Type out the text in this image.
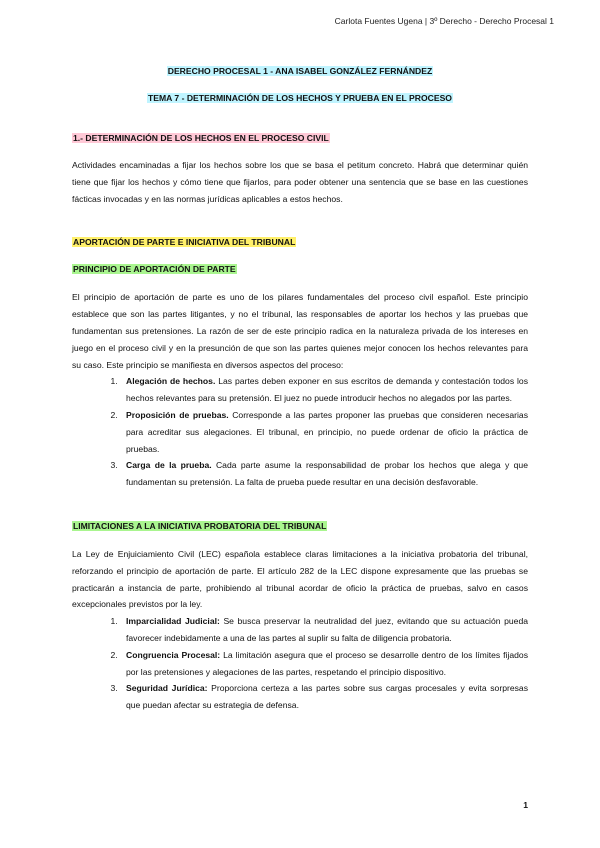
Carlota Fuentes Ugena | 3º Derecho - Derecho Procesal 1

DERECHO PROCESAL 1 - ANA ISABEL GONZÁLEZ FERNÁNDEZ

TEMA 7 - DETERMINACIÓN DE LOS HECHOS Y PRUEBA EN EL PROCESO

1.- DETERMINACIÓN DE LOS HECHOS EN EL PROCESO CIVIL

Actividades encaminadas a fijar los hechos sobre los que se basa el petitum concreto. Habrá que determinar quién tiene que fijar los hechos y cómo tiene que fijarlos, para poder obtener una sentencia que se base en las cuestiones fácticas invocadas y en las normas jurídicas aplicables a estos hechos.

APORTACIÓN DE PARTE E INICIATIVA DEL TRIBUNAL

PRINCIPIO DE APORTACIÓN DE PARTE

El principio de aportación de parte es uno de los pilares fundamentales del proceso civil español. Este principio establece que son las partes litigantes, y no el tribunal, las responsables de aportar los hechos y las pruebas que fundamentan sus pretensiones. La razón de ser de este principio radica en la naturaleza privada de los intereses en juego en el proceso civil y en la presunción de que son las partes quienes mejor conocen los hechos relevantes para su caso. Este principio se manifiesta en diversos aspectos del proceso:

1. Alegación de hechos. Las partes deben exponer en sus escritos de demanda y contestación todos los hechos relevantes para su pretensión. El juez no puede introducir hechos no alegados por las partes.
2. Proposición de pruebas. Corresponde a las partes proponer las pruebas que consideren necesarias para acreditar sus alegaciones. El tribunal, en principio, no puede ordenar de oficio la práctica de pruebas.
3. Carga de la prueba. Cada parte asume la responsabilidad de probar los hechos que alega y que fundamentan su pretensión. La falta de prueba puede resultar en una decisión desfavorable.

LIMITACIONES A LA INICIATIVA PROBATORIA DEL TRIBUNAL

La Ley de Enjuiciamiento Civil (LEC) española establece claras limitaciones a la iniciativa probatoria del tribunal, reforzando el principio de aportación de parte. El artículo 282 de la LEC dispone expresamente que las pruebas se practicarán a instancia de parte, prohibiendo al tribunal acordar de oficio la práctica de pruebas, salvo en casos excepcionales previstos por la ley.

1. Imparcialidad Judicial: Se busca preservar la neutralidad del juez, evitando que su actuación pueda favorecer indebidamente a una de las partes al suplir su falta de diligencia probatoria.
2. Congruencia Procesal: La limitación asegura que el proceso se desarrolle dentro de los límites fijados por las pretensiones y alegaciones de las partes, respetando el principio dispositivo.
3. Seguridad Jurídica: Proporciona certeza a las partes sobre sus cargas procesales y evita sorpresas que puedan afectar su estrategia de defensa.
1
